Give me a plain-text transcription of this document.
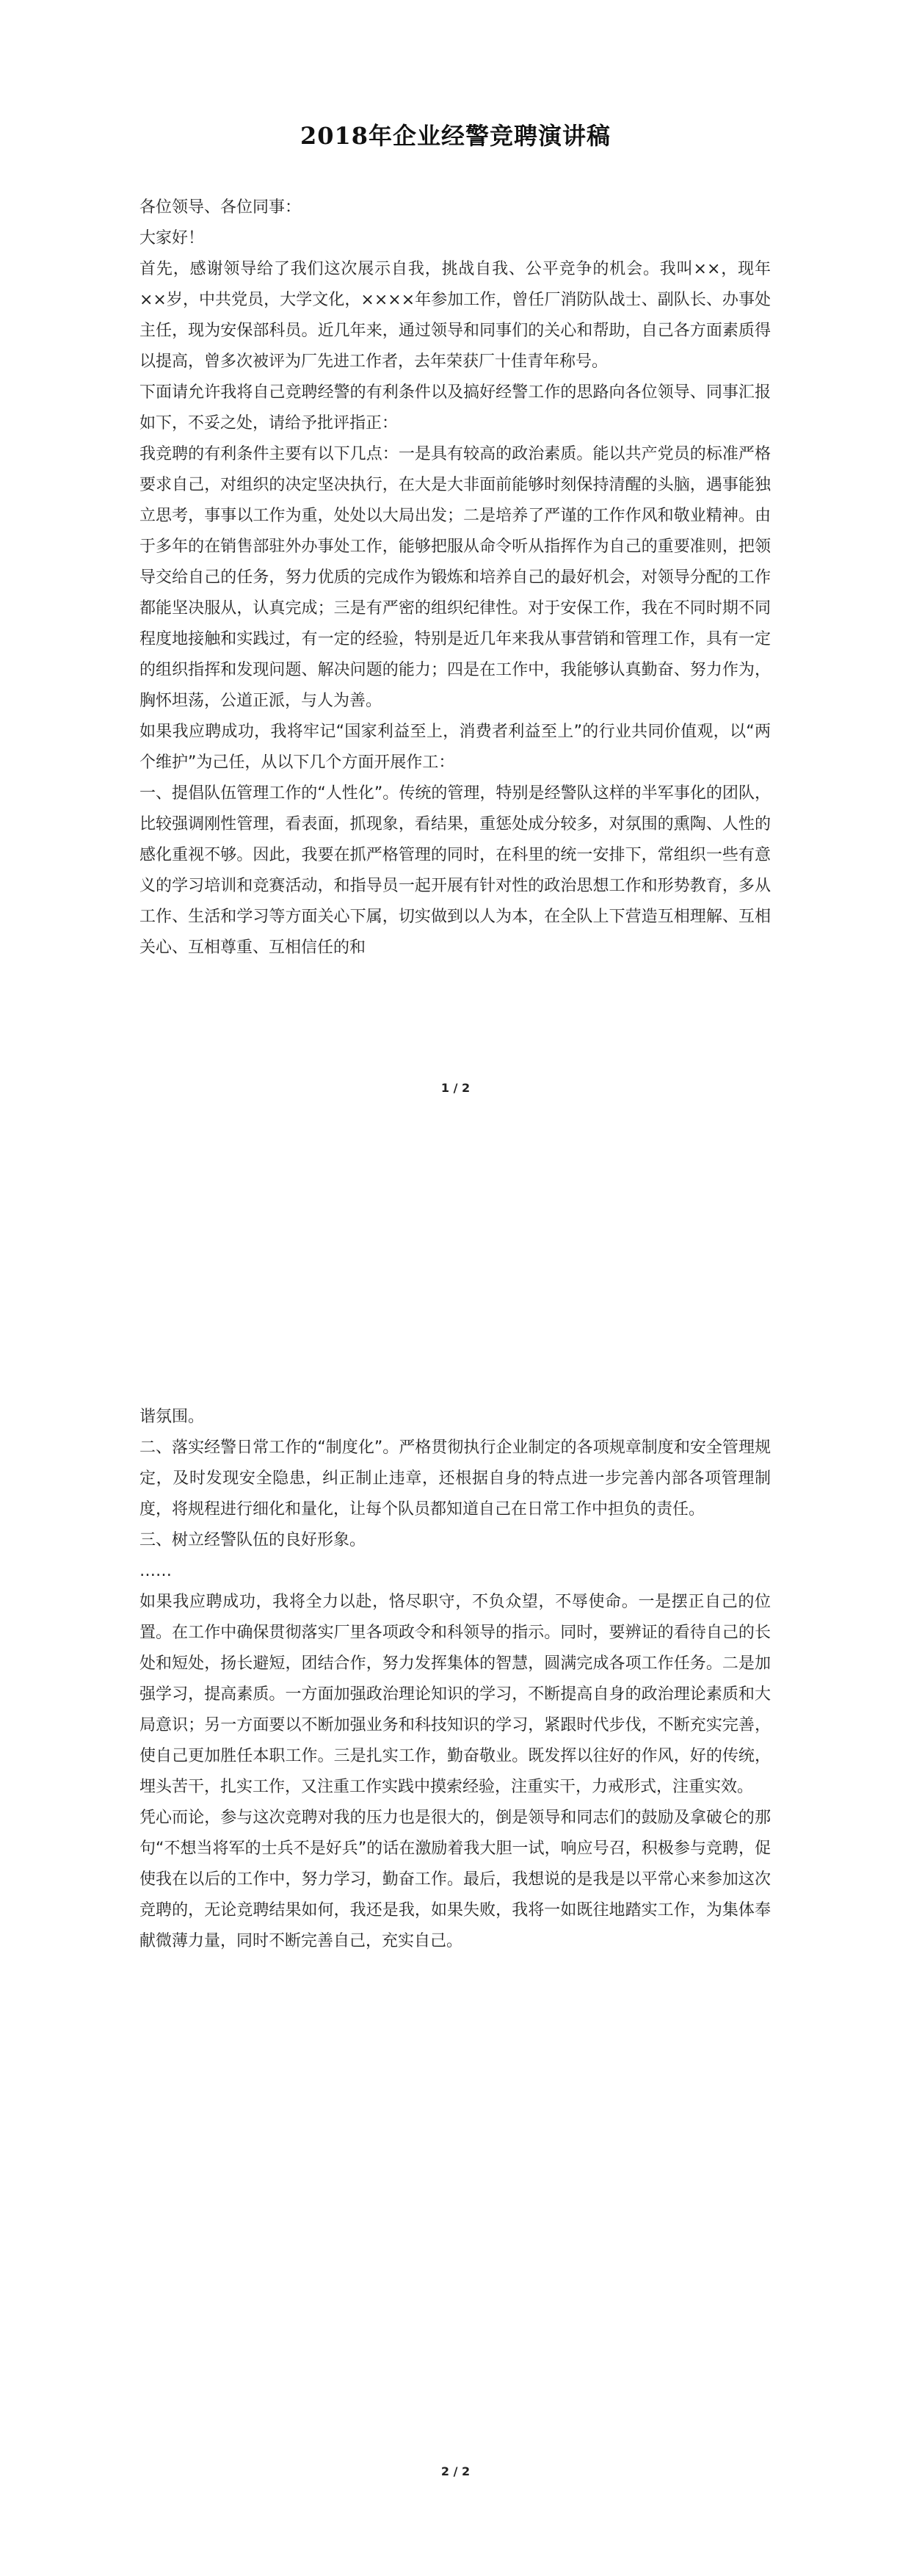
2018年企业经警竞聘演讲稿

各位领导、各位同事：

大家好！

首先，感谢领导给了我们这次展示自我，挑战自我、公平竞争的机会。我叫××，现年××岁，中共党员，大学文化，××××年参加工作，曾任厂消防队战士、副队长、办事处主任，现为安保部科员。近几年来，通过领导和同事们的关心和帮助，自己各方面素质得以提高，曾多次被评为厂先进工作者，去年荣获厂十佳青年称号。

下面请允许我将自己竞聘经警的有利条件以及搞好经警工作的思路向各位领导、同事汇报如下，不妥之处，请给予批评指正：

我竞聘的有利条件主要有以下几点：一是具有较高的政治素质。能以共产党员的标准严格要求自己，对组织的决定坚决执行，在大是大非面前能够时刻保持清醒的头脑，遇事能独立思考，事事以工作为重，处处以大局出发；二是培养了严谨的工作作风和敬业精神。由于多年的在销售部驻外办事处工作，能够把服从命令听从指挥作为自己的重要准则，把领导交给自己的任务，努力优质的完成作为锻炼和培养自己的最好机会，对领导分配的工作都能坚决服从，认真完成；三是有严密的组织纪律性。对于安保工作，我在不同时期不同程度地接触和实践过，有一定的经验，特别是近几年来我从事营销和管理工作，具有一定的组织指挥和发现问题、解决问题的能力；四是在工作中，我能够认真勤奋、努力作为，胸怀坦荡，公道正派，与人为善。

如果我应聘成功，我将牢记“国家利益至上，消费者利益至上”的行业共同价值观，以“两个维护”为己任，从以下几个方面开展作工：

一、提倡队伍管理工作的“人性化”。传统的管理，特别是经警队这样的半军事化的团队，比较强调刚性管理，看表面，抓现象，看结果，重惩处成分较多，对氛围的熏陶、人性的感化重视不够。因此，我要在抓严格管理的同时，在科里的统一安排下，常组织一些有意义的学习培训和竞赛活动，和指导员一起开展有针对性的政治思想工作和形势教育，多从工作、生活和学习等方面关心下属，切实做到以人为本，在全队上下营造互相理解、互相关心、互相尊重、互相信任的和

1 / 2

谐氛围。

二、落实经警日常工作的“制度化”。严格贯彻执行企业制定的各项规章制度和安全管理规定，及时发现安全隐患，纠正制止违章，还根据自身的特点进一步完善内部各项管理制度，将规程进行细化和量化，让每个队员都知道自己在日常工作中担负的责任。

三、树立经警队伍的良好形象。

……

如果我应聘成功，我将全力以赴，恪尽职守，不负众望，不辱使命。一是摆正自己的位置。在工作中确保贯彻落实厂里各项政令和科领导的指示。同时，要辨证的看待自己的长处和短处，扬长避短，团结合作，努力发挥集体的智慧，圆满完成各项工作任务。二是加强学习，提高素质。一方面加强政治理论知识的学习，不断提高自身的政治理论素质和大局意识；另一方面要以不断加强业务和科技知识的学习，紧跟时代步伐，不断充实完善，使自己更加胜任本职工作。三是扎实工作，勤奋敬业。既发挥以往好的作风，好的传统，埋头苦干，扎实工作，又注重工作实践中摸索经验，注重实干，力戒形式，注重实效。

凭心而论，参与这次竞聘对我的压力也是很大的，倒是领导和同志们的鼓励及拿破仑的那句“不想当将军的士兵不是好兵”的话在激励着我大胆一试，响应号召，积极参与竞聘，促使我在以后的工作中，努力学习，勤奋工作。最后，我想说的是我是以平常心来参加这次竞聘的，无论竞聘结果如何，我还是我，如果失败，我将一如既往地踏实工作，为集体奉献微薄力量，同时不断完善自己，充实自己。

2 / 2
